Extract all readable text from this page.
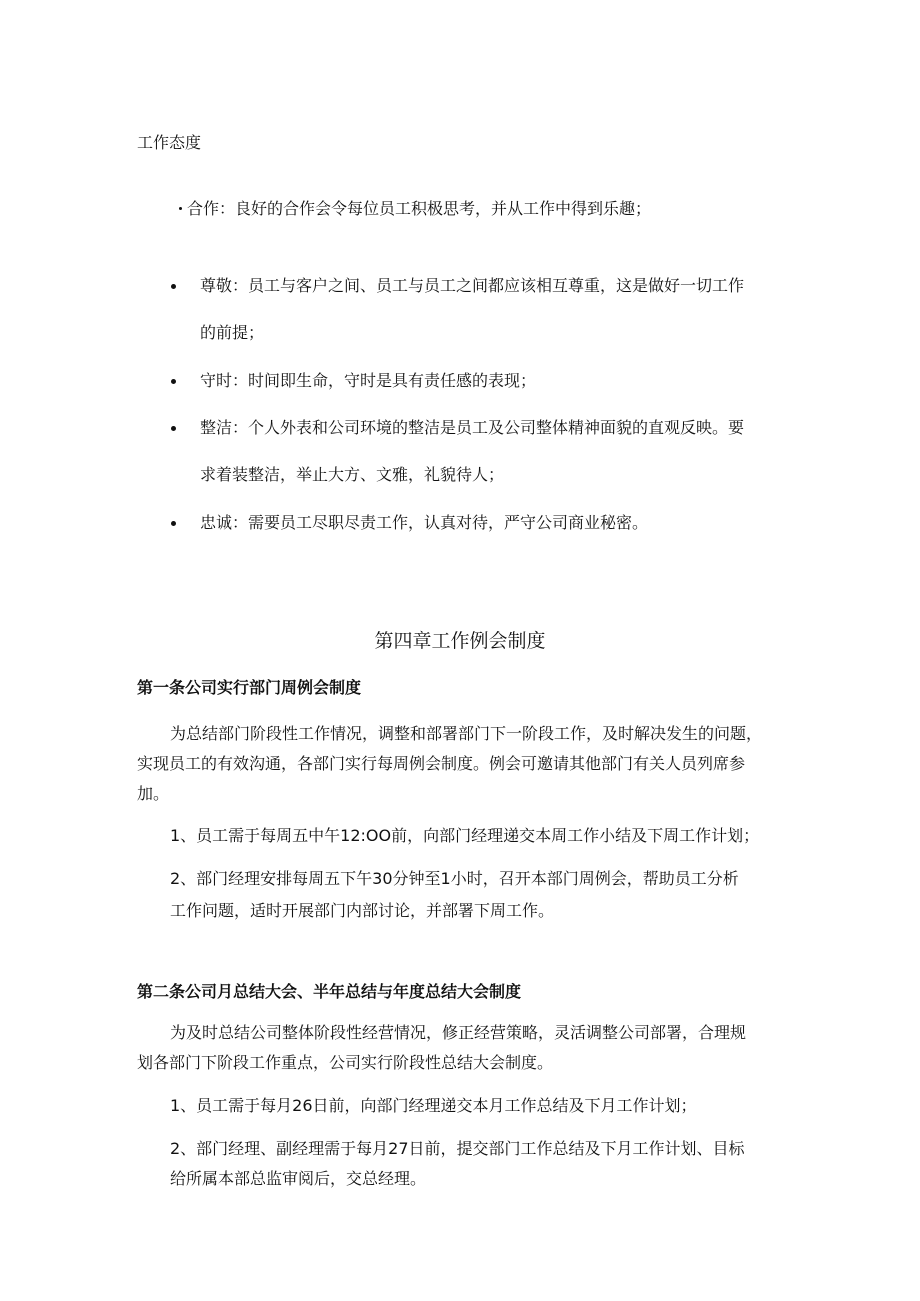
工作态度

合作：良好的合作会令每位员工积极思考，并从工作中得到乐趣；

尊敬：员工与客户之间、员工与员工之间都应该相互尊重，这是做好一切工作

的前提；

守时：时间即生命，守时是具有责任感的表现；

整洁：个人外表和公司环境的整洁是员工及公司整体精神面貌的直观反映。要

求着装整洁，举止大方、文雅，礼貌待人；

忠诚：需要员工尽职尽责工作，认真对待，严守公司商业秘密。

第四章工作例会制度

第一条公司实行部门周例会制度

为总结部门阶段性工作情况，调整和部署部门下一阶段工作，及时解决发生的问题，

实现员工的有效沟通，各部门实行每周例会制度。例会可邀请其他部门有关人员列席参

加。

1、员工需于每周五中午12:OO前，向部门经理递交本周工作小结及下周工作计划；

2、部门经理安排每周五下午30分钟至1小时，召开本部门周例会，帮助员工分析

工作问题，适时开展部门内部讨论，并部署下周工作。

第二条公司月总结大会、半年总结与年度总结大会制度

为及时总结公司整体阶段性经营情况，修正经营策略，灵活调整公司部署，合理规

划各部门下阶段工作重点，公司实行阶段性总结大会制度。

1、员工需于每月26日前，向部门经理递交本月工作总结及下月工作计划；

2、部门经理、副经理需于每月27日前，提交部门工作总结及下月工作计划、目标

给所属本部总监审阅后，交总经理。
